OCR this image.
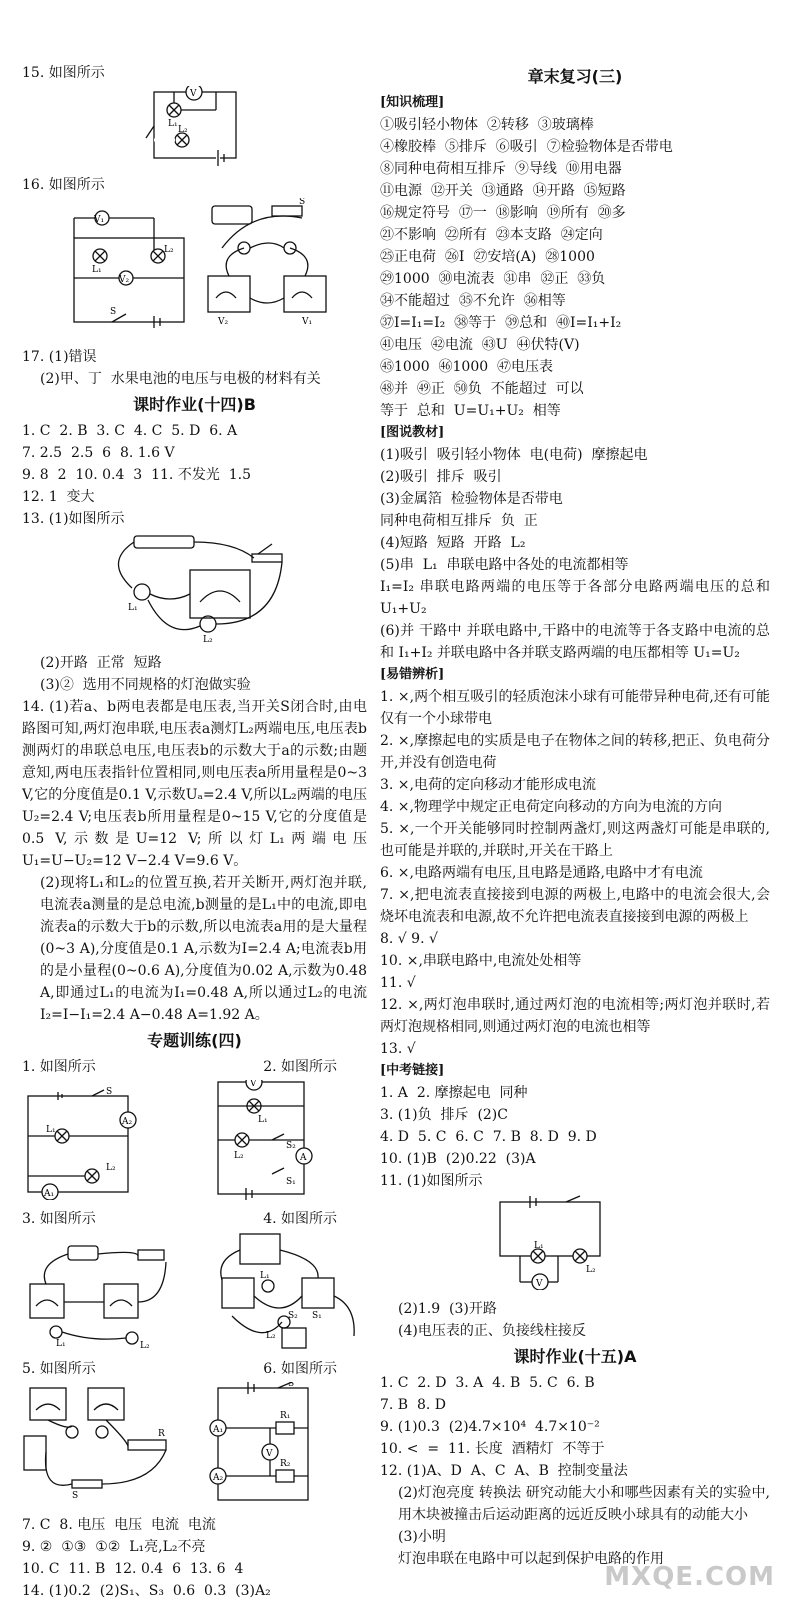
15. 如图所示

V
L₁
L₂

16. 如图所示

V₁
L₂
L₁
V₂
S
S
V₂	V₁

17. (1)错误

(2)甲、丁  水果电池的电压与电极的材料有关

课时作业(十四)B

1. C  2. B  3. C  4. C  5. D  6. A

7. 2.5  2.5  6  8. 1.6 V

9. 8  2  10. 0.4  3  11. 不发光  1.5

12. 1  变大

13. (1)如图所示

L₁
L₂

(2)开路  正常  短路

(3)②  选用不同规格的灯泡做实验

14. (1)若a、b两电表都是电压表,当开关S闭合时,由电路图可知,两灯泡串联,电压表a测灯L₂两端电压,电压表b测两灯的串联总电压,电压表b的示数大于a的示数;由题意知,两电压表指针位置相同,则电压表a所用量程是0~3 V,它的分度值是0.1 V,示数Uₐ=2.4 V,所以L₂两端的电压U₂=2.4 V;电压表b所用量程是0~15 V,它的分度值是0.5 V,示数是U=12 V;所以灯L₁两端电压U₁=U−U₂=12 V−2.4 V=9.6 V。
(2)现将L₁和L₂的位置互换,若开关断开,两灯泡并联,电流表a测量的是总电流,b测量的是L₁中的电流,即电流表a的示数大于b的示数,所以电流表a用的是大量程(0~3 A),分度值是0.1 A,示数为I=2.4 A;电流表b用的是小量程(0~0.6 A),分度值为0.02 A,示数为0.48 A,即通过L₁的电流为I₁=0.48 A,所以通过L₂的电流I₂=I−I₁=2.4 A−0.48 A=1.92 A。
专题训练(四)
1. 如图所示	2. 如图所示
L₁
L₂
A₂
A₁
S
V
L₁
L₂
S₂
S₁
A
3. 如图所示	4. 如图所示
L₁	L₂
L₁
S₂ S₁
L₂
5. 如图所示	6. 如图所示
R
S
A₁
A₂
R₁
R₂
V
S

7. C  8. 电压  电压  电流  电流

9. ②  ①③  ①②  L₁亮,L₂不亮

10. C  11. B  12. 0.4  6  13. 6  4

14. (1)0.2  (2)S₁、S₃  0.6  0.3  (3)A₂

章末复习(三)
[知识梳理]

①吸引轻小物体  ②转移  ③玻璃棒

④橡胶棒  ⑤排斥  ⑥吸引  ⑦检验物体是否带电

⑧同种电荷相互排斥  ⑨导线  ⑩用电器

⑪电源  ⑫开关  ⑬通路  ⑭开路  ⑮短路

⑯规定符号  ⑰一  ⑱影响  ⑲所有  ⑳多

㉑不影响  ㉒所有  ㉓本支路  ㉔定向

㉕正电荷  ㉖I  ㉗安培(A)  ㉘1000

㉙1000  ㉚电流表  ㉛串  ㉜正  ㉝负

㉞不能超过  ㉟不允许  ㊱相等

㊲I=I₁=I₂  ㊳等于  ㊴总和  ㊵I=I₁+I₂

㊶电压  ㊷电流  ㊸U  ㊹伏特(V)

㊺1000  ㊻1000  ㊼电压表

㊽并  ㊾正  ㊿负  不能超过  可以

等于  总和  U=U₁+U₂  相等

[图说教材]

(1)吸引  吸引轻小物体  电(电荷)  摩擦起电

(2)吸引  排斥  吸引

(3)金属箔  检验物体是否带电

同种电荷相互排斥  负  正

(4)短路  短路  开路  L₂

(5)串  L₁  串联电路中各处的电流都相等

I₁=I₂ 串联电路两端的电压等于各部分电路两端电压的总和 U₁+U₂
(6)并 干路中 并联电路中,干路中的电流等于各支路中电流的总和 I₁+I₂ 并联电路中各并联支路两端的电压都相等 U₁=U₂
[易错辨析]
1. ×,两个相互吸引的轻质泡沫小球有可能带异种电荷,还有可能仅有一个小球带电
2. ×,摩擦起电的实质是电子在物体之间的转移,把正、负电荷分开,并没有创造电荷
3. ×,电荷的定向移动才能形成电流
4. ×,物理学中规定正电荷定向移动的方向为电流的方向
5. ×,一个开关能够同时控制两盏灯,则这两盏灯可能是串联的,也可能是并联的,并联时,开关在干路上
6. ×,电路两端有电压,且电路是通路,电路中才有电流
7. ×,把电流表直接接到电源的两极上,电路中的电流会很大,会烧坏电流表和电源,故不允许把电流表直接接到电源的两极上
8. √ 9. √
10. ×,串联电路中,电流处处相等
11. √
12. ×,两灯泡串联时,通过两灯泡的电流相等;两灯泡并联时,若两灯泡规格相同,则通过两灯泡的电流也相等
13. √
[中考链接]

1. A  2. 摩擦起电  同种

3. (1)负  排斥  (2)C

4. D  5. C  6. C  7. B  8. D  9. D

10. (1)B  (2)0.22  (3)A

11. (1)如图所示

L₁
L₂
V

(2)1.9  (3)开路

(4)电压表的正、负接线柱接反

课时作业(十五)A

1. C  2. D  3. A  4. B  5. C  6. B

7. B  8. D

9. (1)0.3  (2)4.7×10⁴  4.7×10⁻²

10. <  =  11. 长度  酒精灯  不等于

12. (1)A、D  A、C  A、B  控制变量法

(2)灯泡亮度 转换法 研究动能大小和哪些因素有关的实验中,用木块被撞击后运动距离的远近反映小球具有的动能大小

(3)小明

灯泡串联在电路中可以起到保护电路的作用

MXQE.COM
